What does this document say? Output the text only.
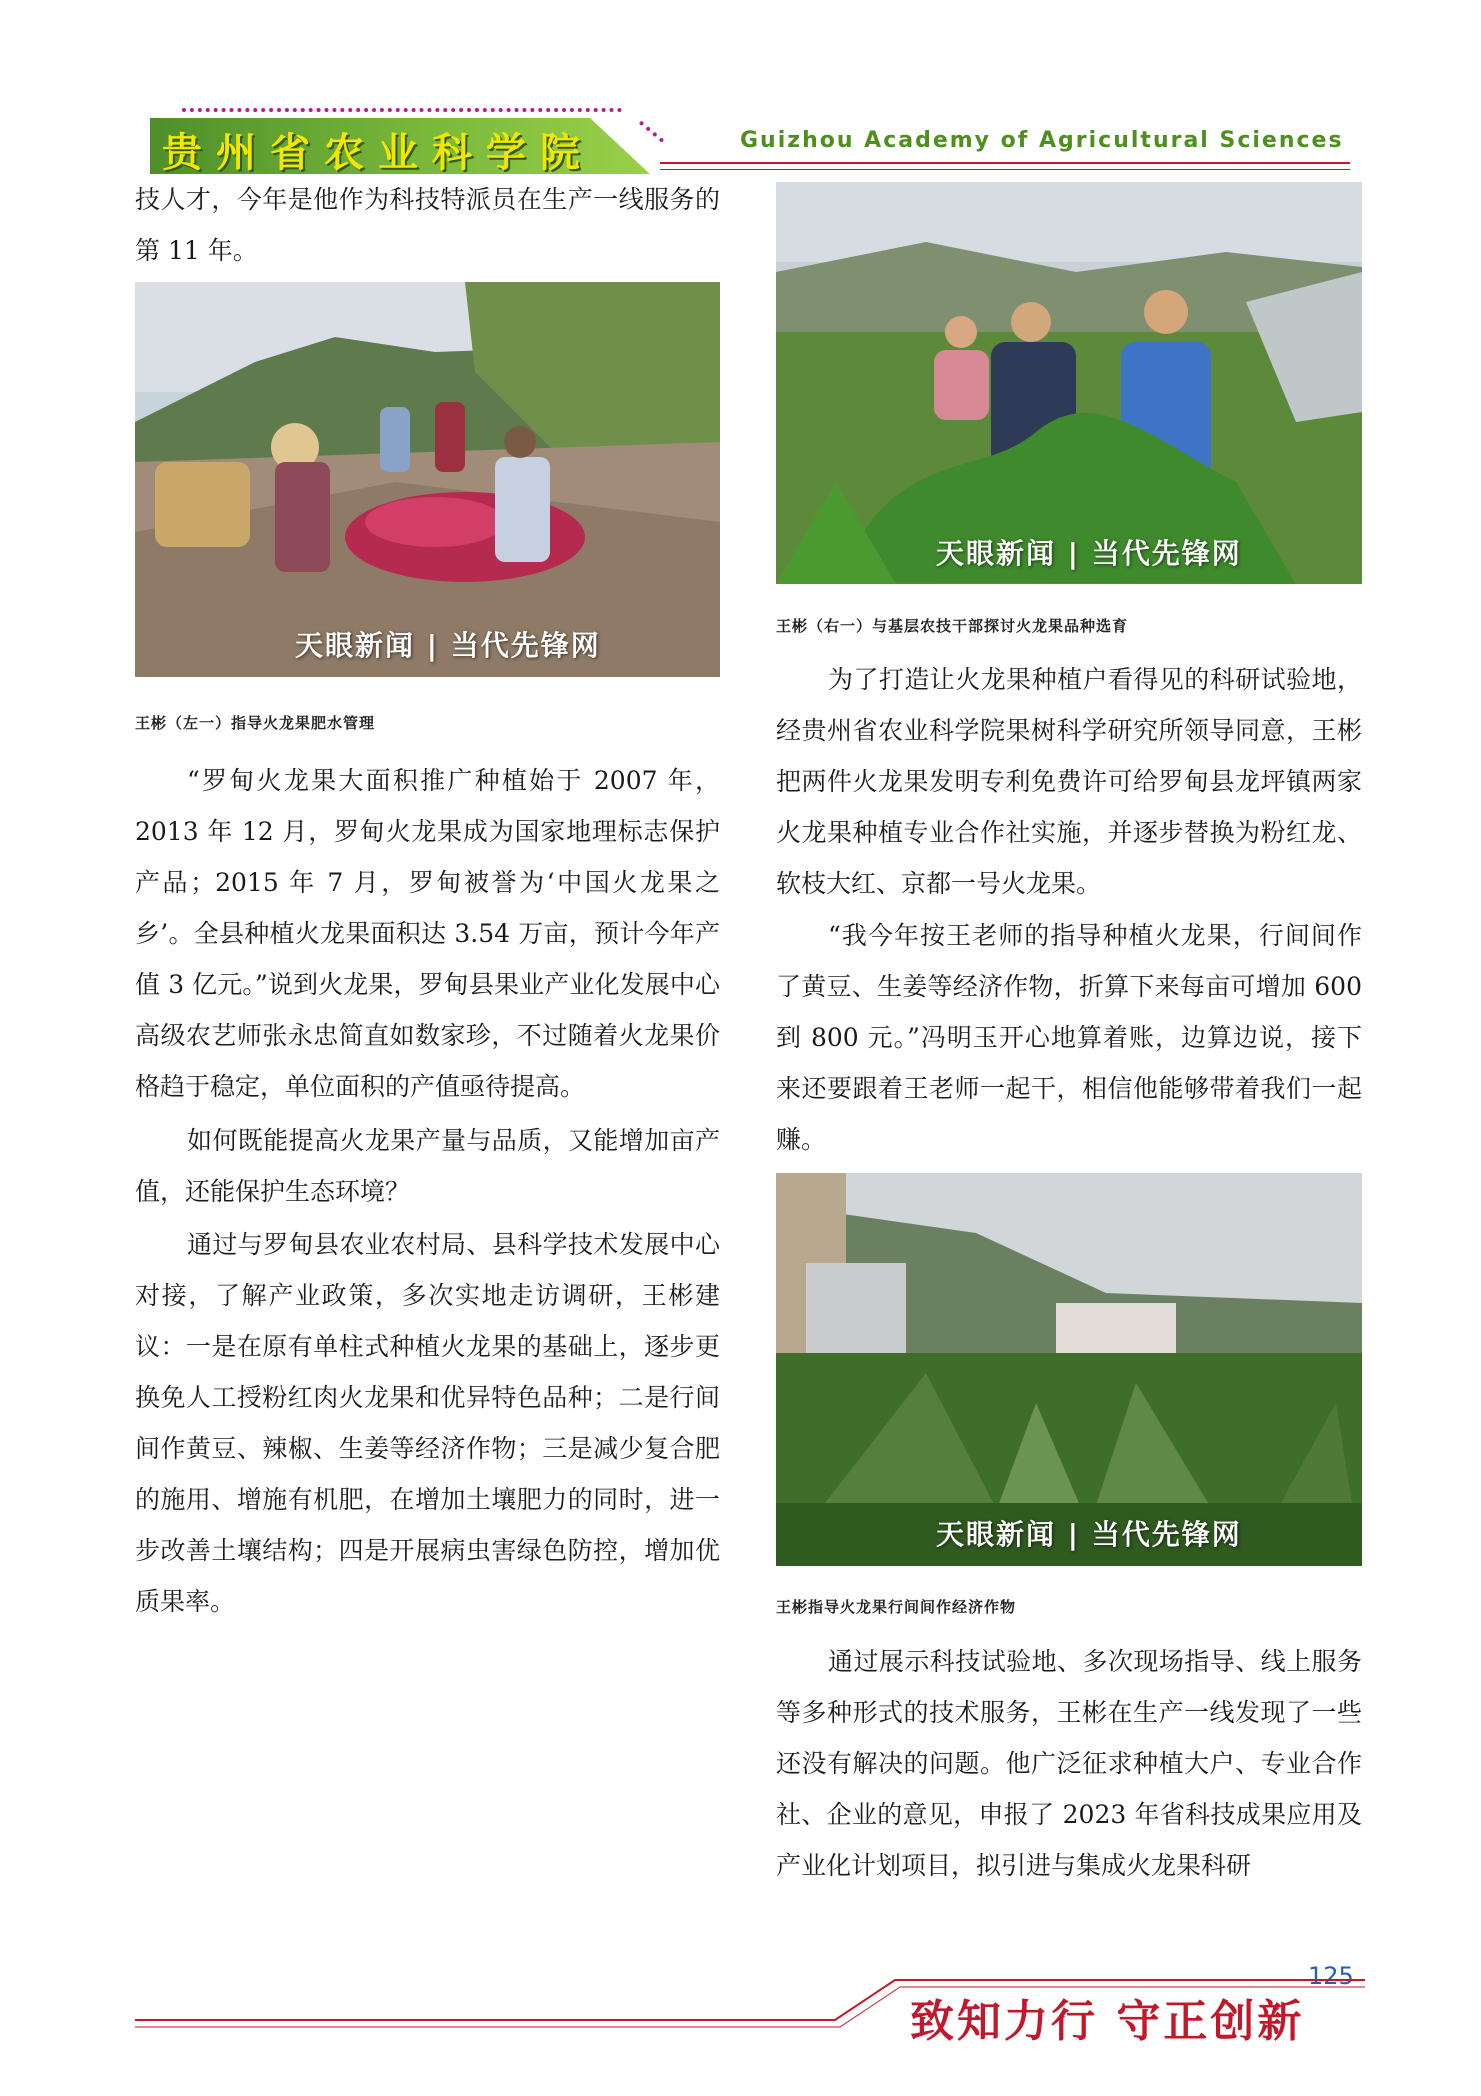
贵州省农业科学院	Guizhou Academy of Agricultural Sciences

技人才，今年是他作为科技特派员在生产一线服务的第 11 年。

天眼新闻 | 当代先锋网
王彬（左一）指导火龙果肥水管理

“罗甸火龙果大面积推广种植始于 2007 年，2013 年 12 月，罗甸火龙果成为国家地理标志保护产品；2015 年 7 月，罗甸被誉为‘中国火龙果之乡’。全县种植火龙果面积达 3.54 万亩，预计今年产值 3 亿元。”说到火龙果，罗甸县果业产业化发展中心高级农艺师张永忠简直如数家珍，不过随着火龙果价格趋于稳定，单位面积的产值亟待提高。

如何既能提高火龙果产量与品质，又能增加亩产值，还能保护生态环境？

通过与罗甸县农业农村局、县科学技术发展中心对接，了解产业政策，多次实地走访调研，王彬建议：一是在原有单柱式种植火龙果的基础上，逐步更换免人工授粉红肉火龙果和优异特色品种；二是行间间作黄豆、辣椒、生姜等经济作物；三是减少复合肥的施用、增施有机肥，在增加土壤肥力的同时，进一步改善土壤结构；四是开展病虫害绿色防控，增加优质果率。

天眼新闻 | 当代先锋网
王彬（右一）与基层农技干部探讨火龙果品种选育

为了打造让火龙果种植户看得见的科研试验地，经贵州省农业科学院果树科学研究所领导同意，王彬把两件火龙果发明专利免费许可给罗甸县龙坪镇两家火龙果种植专业合作社实施，并逐步替换为粉红龙、软枝大红、京都一号火龙果。

“我今年按王老师的指导种植火龙果，行间间作了黄豆、生姜等经济作物，折算下来每亩可增加 600 到 800 元。”冯明玉开心地算着账，边算边说，接下来还要跟着王老师一起干，相信他能够带着我们一起赚。

天眼新闻 | 当代先锋网
王彬指导火龙果行间间作经济作物

通过展示科技试验地、多次现场指导、线上服务等多种形式的技术服务，王彬在生产一线发现了一些还没有解决的问题。他广泛征求种植大户、专业合作社、企业的意见，申报了 2023 年省科技成果应用及产业化计划项目，拟引进与集成火龙果科研

125
致知力行 守正创新
